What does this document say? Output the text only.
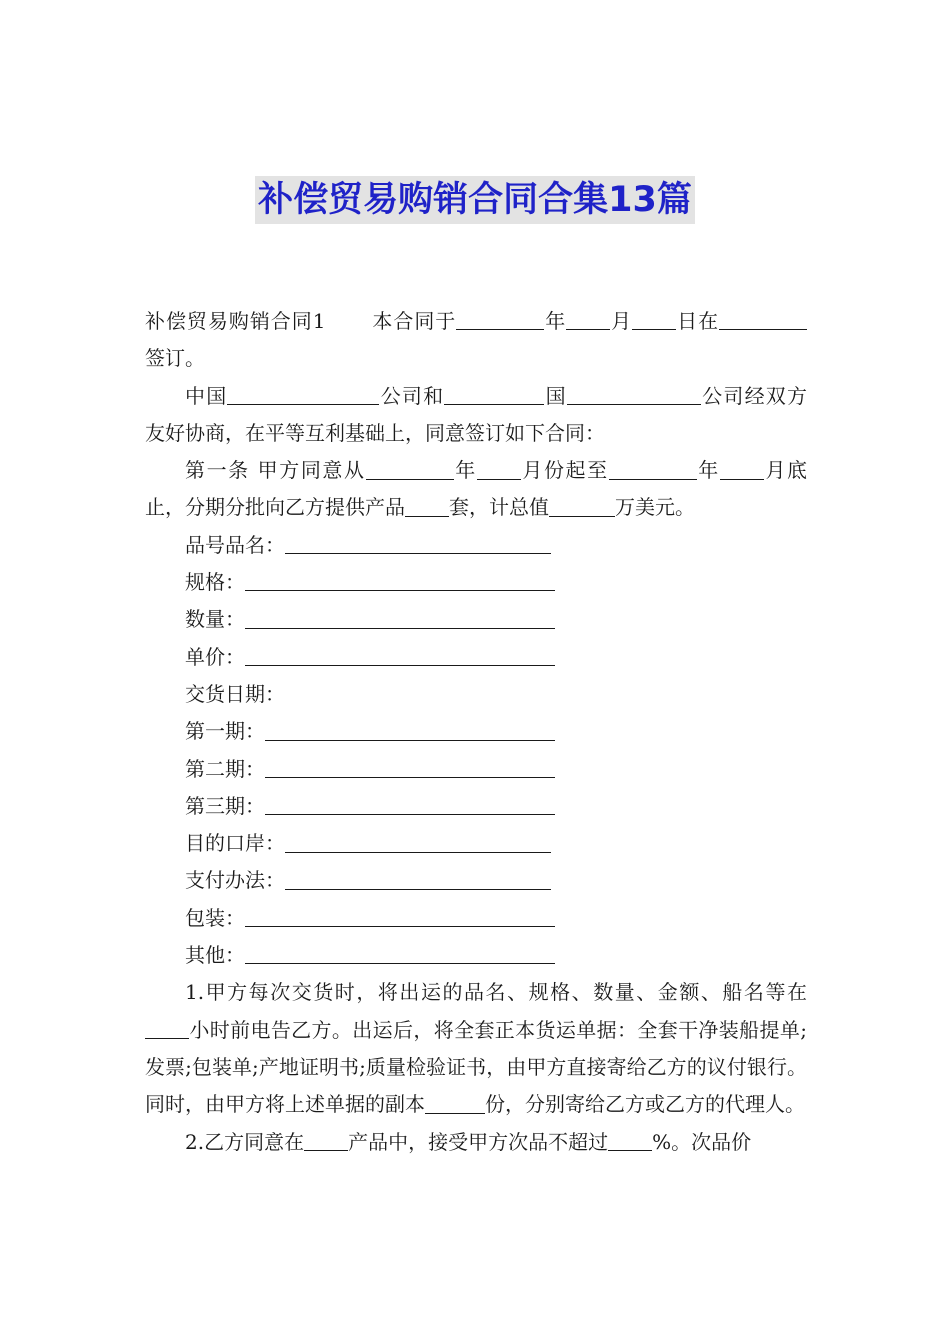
补偿贸易购销合同合集13篇
补偿贸易购销合同1 本合同于	年 月 日在签订。
中国	公司和	国	公司经双方友好协商，在平等互利基础上，同意签订如下合同：
第一条 甲方同意从	年 月份起至	年 月底止，分期分批向乙方提供产品 套，计总值	万美元。
品号品名：
规格：
数量：
单价：
交货日期：
第一期：
第二期：
第三期：
目的口岸：
支付办法：
包装：
其他：
1.甲方每次交货时，将出运的品名、规格、数量、金额、船名等在小时前电告乙方。出运后，将全套正本货运单据：全套干净装船提单;发票;包装单;产地证明书;质量检验证书，由甲方直接寄给乙方的议付银行。同时，由甲方将上述单据的副本	份，分别寄给乙方或乙方的代理人。
2.乙方同意在 产品中，接受甲方次品不超过 %。次品价
